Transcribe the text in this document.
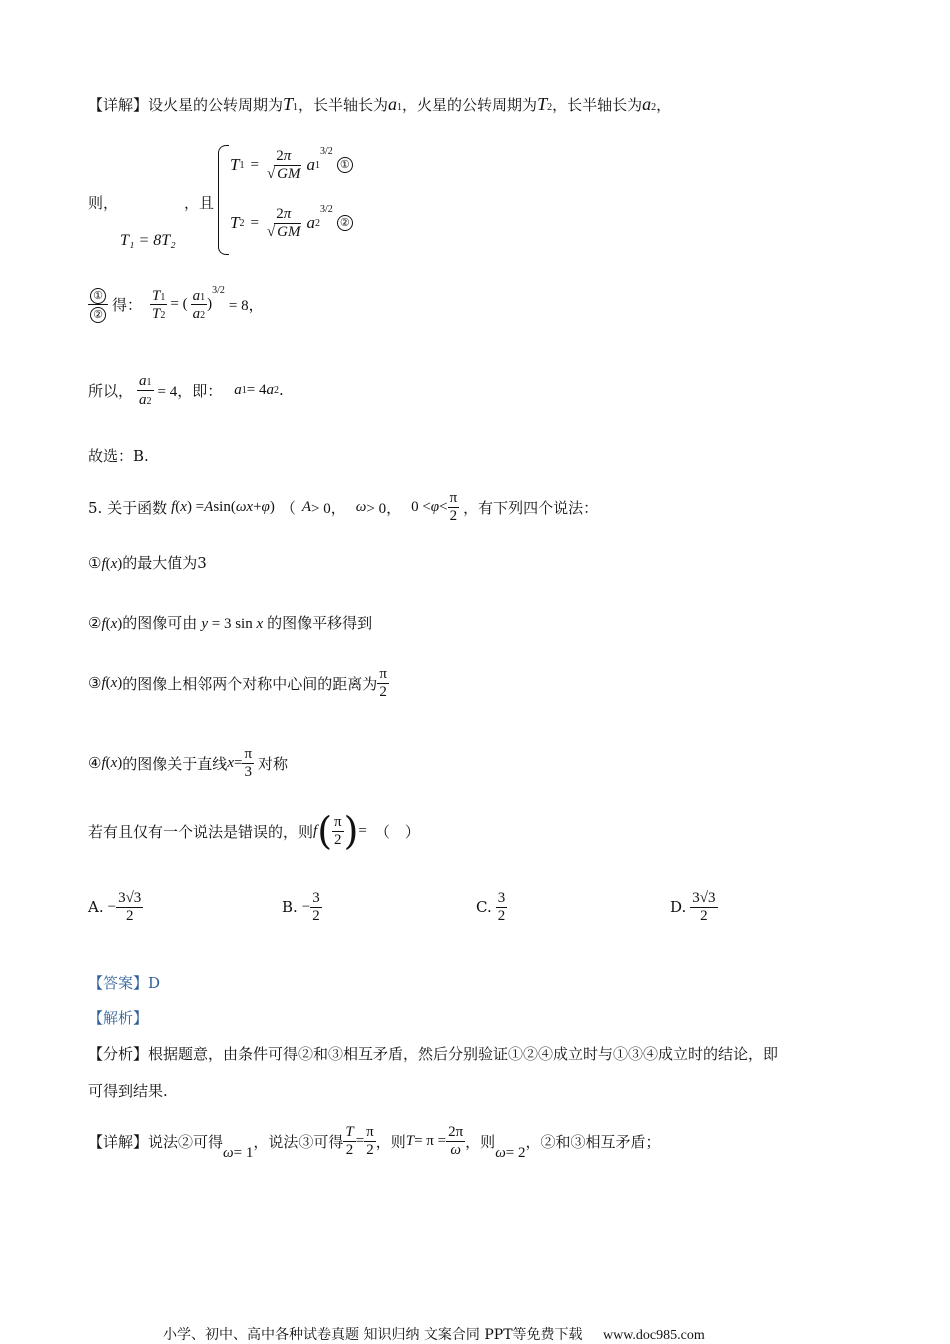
【详解】设火星的公转周期为T1，长半轴长为a1，火星的公转周期为T2，长半轴长为a2，
则，	，且
T₁ = 8T₂
T $1 = \frac{2\pi}{√ GM}$ a 1
3/2
①
T $2 = \frac{2\pi}{√ GM}$ a 2
3/2
②
$\frac{\text{①}}{\text{②}}$ 得： $\frac{T1}{T2}$ = ( $\frac{a1}{a2}$ )
3/2
= 8，
所以， $\frac{a1}{a2} = 4$，即： a 1 = 4 a 2 .
故选：B.
5. 关于函数 f ( x ) = A sin( ωx + φ ) （ A > 0， ω > 0， $0 < \varphi < \frac{\pi}{2}$ ，有下列四个说法：
①f(x)的最大值为3
②f(x)的图像可由 y = 3 sin x 的图像平移得到
③ f ( x ) 的图像上相邻两个对称中心间的距离为 $\frac{\pi}{2}$
④ f ( x ) 的图像关于直线 $x = \frac{\pi}{3}$ 对称
若有且仅有一个说法是错误的，则 f ( $\frac{\pi}{2}$ ) = （　）
A. − $\frac{3√3}{2}$	B. − $\frac{3}{2}$	C. $\frac{3}{2}$	D. $\frac{3√3}{2}$
【答案】D
【解析】
【分析】根据题意，由条件可得②和③相互矛盾，然后分别验证①②④成立时与①③④成立时的结论，即
可得到结果.
【详解】说法②可得
ω = 1
，说法③可得 $\frac{T}{2} = \frac{\pi}{2}$ ，则 $T = \pi = \frac{2\pi}{\omega}$ ，则
ω = 2
，②和③相互矛盾；
小学、初中、高中各种试卷真题 知识归纳 文案合同 PPT等免费下载 www.doc985.com
